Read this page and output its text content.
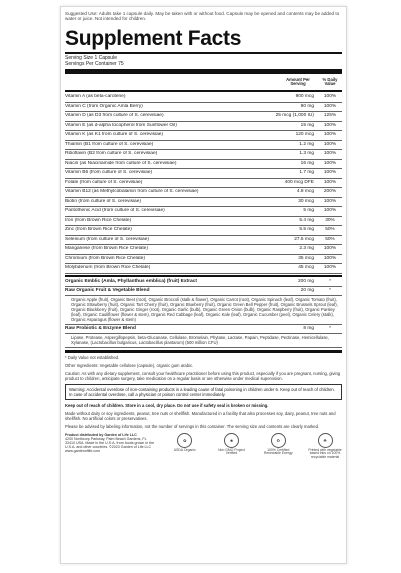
Suggested Use: Adults take 1 capsule daily. May be taken with or without food. Capsule may be opened and contents may be added to water or juice. Not intended for children.
Supplement Facts
Serving Size 1 Capsule
Servings Per Container 75
Amount Per Serving
% Daily Value
Vitamin A (as beta-carotene)	900 mcg	100%
Vitamin C (from Organic Amla Berry)	90 mg	100%
Vitamin D (as D3 from culture of S. cerevisiae)	25 mcg (1,000 IU)	125%
Vitamin E (as d-alpha tocopherol from Sunflower Oil)	15 mg	100%
Vitamin K (as K1 from culture of S. cerevisiae)	120 mcg	100%
Thiamin (B1 from culture of S. cerevisiae)	1.2 mg	100%
Riboflavin (B2 from culture of S. cerevisiae)	1.3 mg	100%
Niacin (as Niacinamide from culture of S. cerevisiae)	16 mg	100%
Vitamin B6 (from culture of S. cerevisiae)	1.7 mg	100%
Folate (from culture of S. cerevisiae)	400 mcg DFE	100%
Vitamin B12 (as Methylcobalamin from culture of S. cerevisiae)	4.8 mcg	200%
Biotin (from culture of S. cerevisiae)	30 mcg	100%
Pantothenic Acid (from culture of S. cerevisiae)	5 mg	100%
Iron (from Brown Rice Chelate)	5.4 mg	30%
Zinc (from Brown Rice Chelate)	5.5 mg	50%
Selenium (from culture of S. cerevisiae)	27.5 mcg	50%
Manganese (from Brown Rice Chelate)	2.3 mg	100%
Chromium (from Brown Rice Chelate)	35 mcg	100%
Molybdenum (from Brown Rice Chelate)	45 mcg	100%
Organic Emblic (Amla, Phyllanthus emblica) (fruit) Extract	200 mg	*
Raw Organic Fruit & Vegetable Blend	20 mg	*
Organic Apple (fruit), Organic Beet (root), Organic Broccoli (stalk & flower), Organic Carrot (root), Organic Spinach (leaf), Organic Tomato (fruit), Organic Strawberry (fruit), Organic Tart Cherry (fruit), Organic Blueberry (fruit), Organic Green Bell Pepper (fruit), Organic Brussels Sprout (leaf), Organic Blackberry (fruit), Organic Ginger (root), Organic Garlic (bulb), Organic Green Onion (bulb), Organic Raspberry (fruit), Organic Parsley (leaf), Organic Cauliflower (flower & stem), Organic Red Cabbage (leaf), Organic Kale (leaf), Organic Cucumber (peel), Organic Celery (stalk), Organic Asparagus (flower & stem)
Raw Probiotic & Enzyme Blend	8 mg	*
Lipase, Protease, Aspergillopepsin, beta-Glucanase, Cellulase, Bromelain, Phytase, Lactase, Papain, Peptidase, Pectinase, Hemicellulase, Xylanase, (Lactobacillus bulgaricus, Lactobacillus plantarum) (500 million CFU)
* Daily Value not established.
Other Ingredients: Vegetable cellulose (capsule), organic gum arabic.
Caution: As with any dietary supplement, consult your healthcare practitioner before using this product, especially if you are pregnant, nursing, giving product to children, anticipate surgery, take medication on a regular basis or are otherwise under medical supervision.
Warning: Accidental overdose of iron-containing products is a leading cause of fatal poisoning in children under 6. Keep out of reach of children. In case of accidental overdose, call a physician or poison control center immediately.
Keep out of reach of children. Store in a cool, dry place. Do not use if safety seal is broken or missing.
Made without dairy or soy ingredients, peanut, tree nuts or shellfish. Manufactured in a facility that also processes soy, dairy, peanut, tree nuts and shellfish. No artificial colors or preservatives.
Please be advised by labeling information, not the number of servings in this container. The serving size and contents are clearly marked.
Product distributed by Garden of Life LLC
4200 Northcorp Parkway, Palm Beach Gardens, FL 33410 USA. Made in the U.S.A. from foods grown in the U.S.A. and other countries. ©2023 Garden of Life LLC www.gardenoflife.com
✿
USDA Organic
❀
Non GMO Project Verified
♻
100% Certified Renewable Energy
☘
Printed with vegetable based inks on 100% recyclable material
